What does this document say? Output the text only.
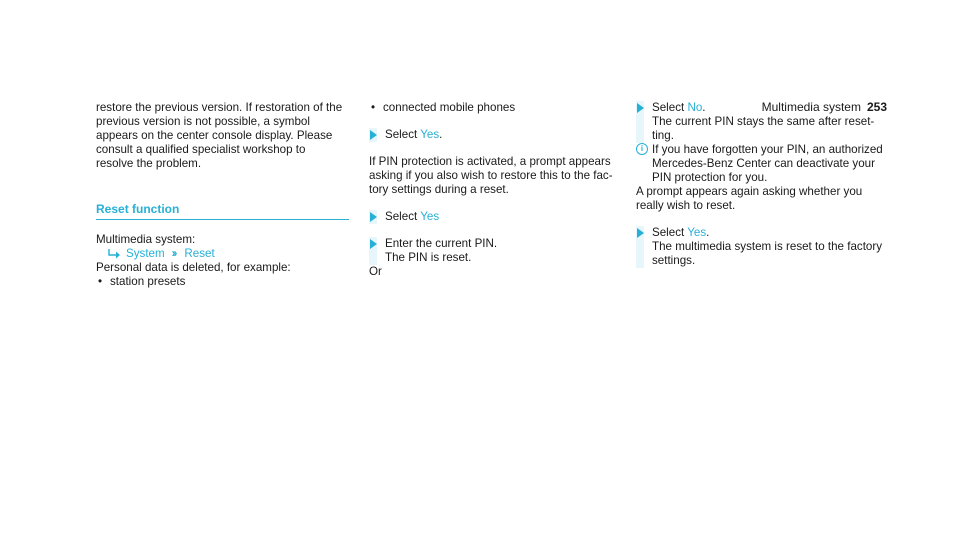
Multimedia system 253

restore the previous version. If restoration of the

previous version is not possible, a symbol

appears on the center console display. Please

consult a qualified specialist workshop to

resolve the problem.

Reset function

Multimedia system:

System ›› Reset

Personal data is deleted, for example:

• station presets
• connected mobile phones
Select Yes.

If PIN protection is activated, a prompt appears

asking if you also wish to restore this to the fac-

tory settings during a reset.

Select Yes

Enter the current PIN.

The PIN is reset.

Or

Select No.

The current PIN stays the same after reset-

ting.

i If you have forgotten your PIN, an authorized

Mercedes-Benz Center can deactivate your

PIN protection for you.

A prompt appears again asking whether you

really wish to reset.

Select Yes.

The multimedia system is reset to the factory

settings.
